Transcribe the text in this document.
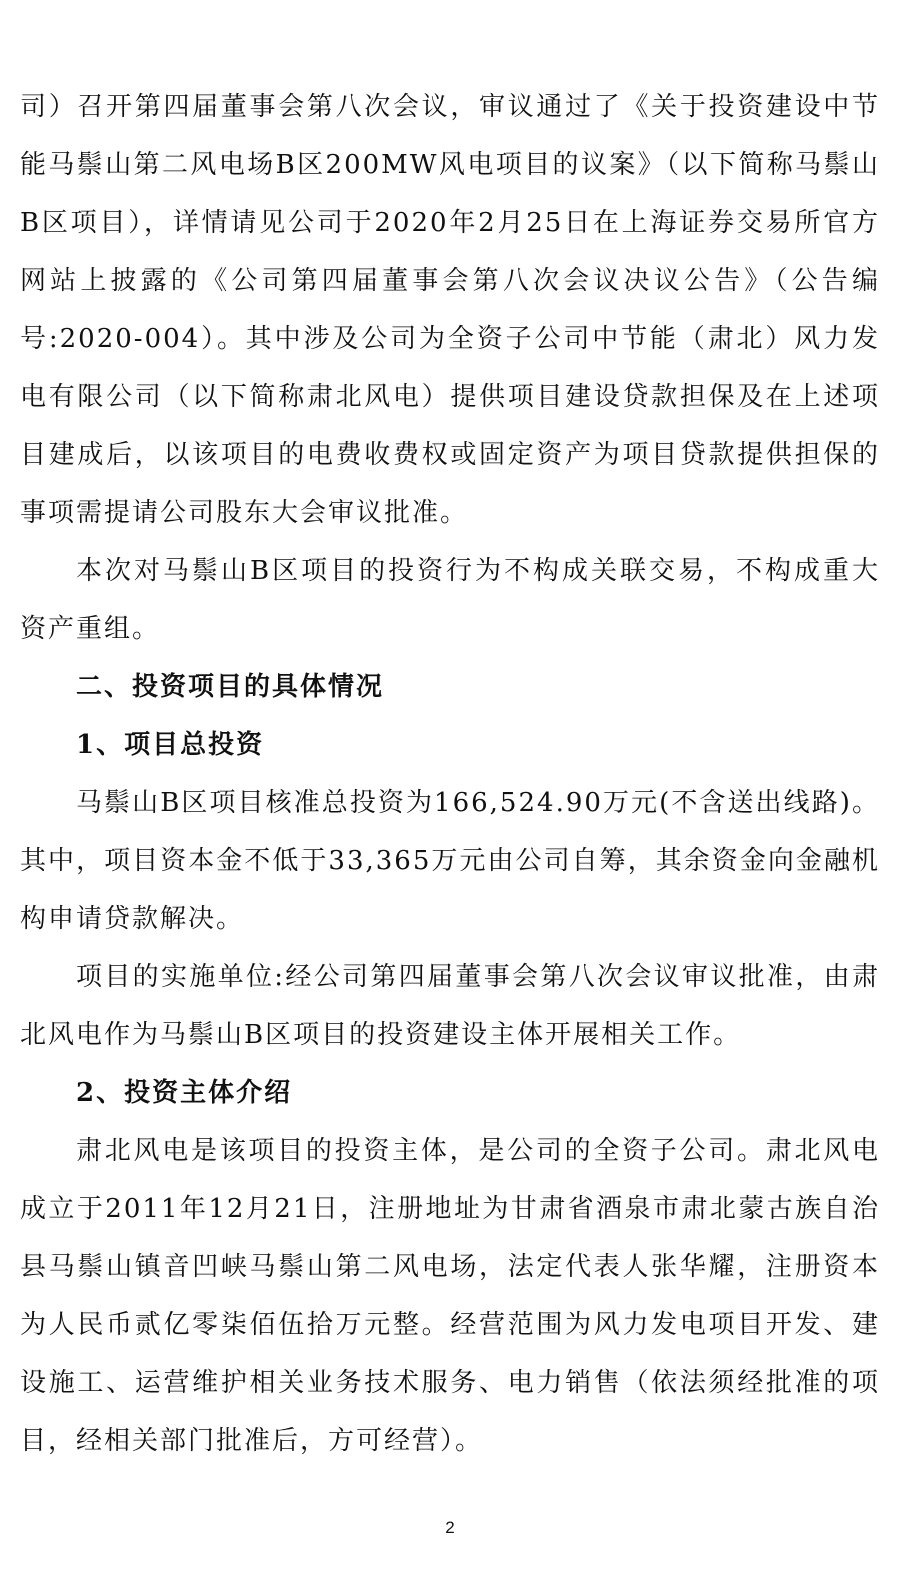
司）召开第四届董事会第八次会议，审议通过了《关于投资建设中节能马鬃山第二风电场B区200MW风电项目的议案》（以下简称马鬃山B区项目），详情请见公司于2020年2月25日在上海证券交易所官方网站上披露的《公司第四届董事会第八次会议决议公告》（公告编号:2020-004）。其中涉及公司为全资子公司中节能（肃北）风力发电有限公司（以下简称肃北风电）提供项目建设贷款担保及在上述项目建成后，以该项目的电费收费权或固定资产为项目贷款提供担保的事项需提请公司股东大会审议批准。

本次对马鬃山B区项目的投资行为不构成关联交易，不构成重大资产重组。

二、投资项目的具体情况

1、项目总投资

马鬃山B区项目核准总投资为166,524.90万元(不含送出线路)。其中，项目资本金不低于33,365万元由公司自筹，其余资金向金融机构申请贷款解决。

项目的实施单位:经公司第四届董事会第八次会议审议批准，由肃北风电作为马鬃山B区项目的投资建设主体开展相关工作。

2、投资主体介绍

肃北风电是该项目的投资主体，是公司的全资子公司。肃北风电成立于2011年12月21日，注册地址为甘肃省酒泉市肃北蒙古族自治县马鬃山镇音凹峡马鬃山第二风电场，法定代表人张华耀，注册资本为人民币贰亿零柒佰伍拾万元整。经营范围为风力发电项目开发、建设施工、运营维护相关业务技术服务、电力销售（依法须经批准的项目，经相关部门批准后，方可经营）。

2
